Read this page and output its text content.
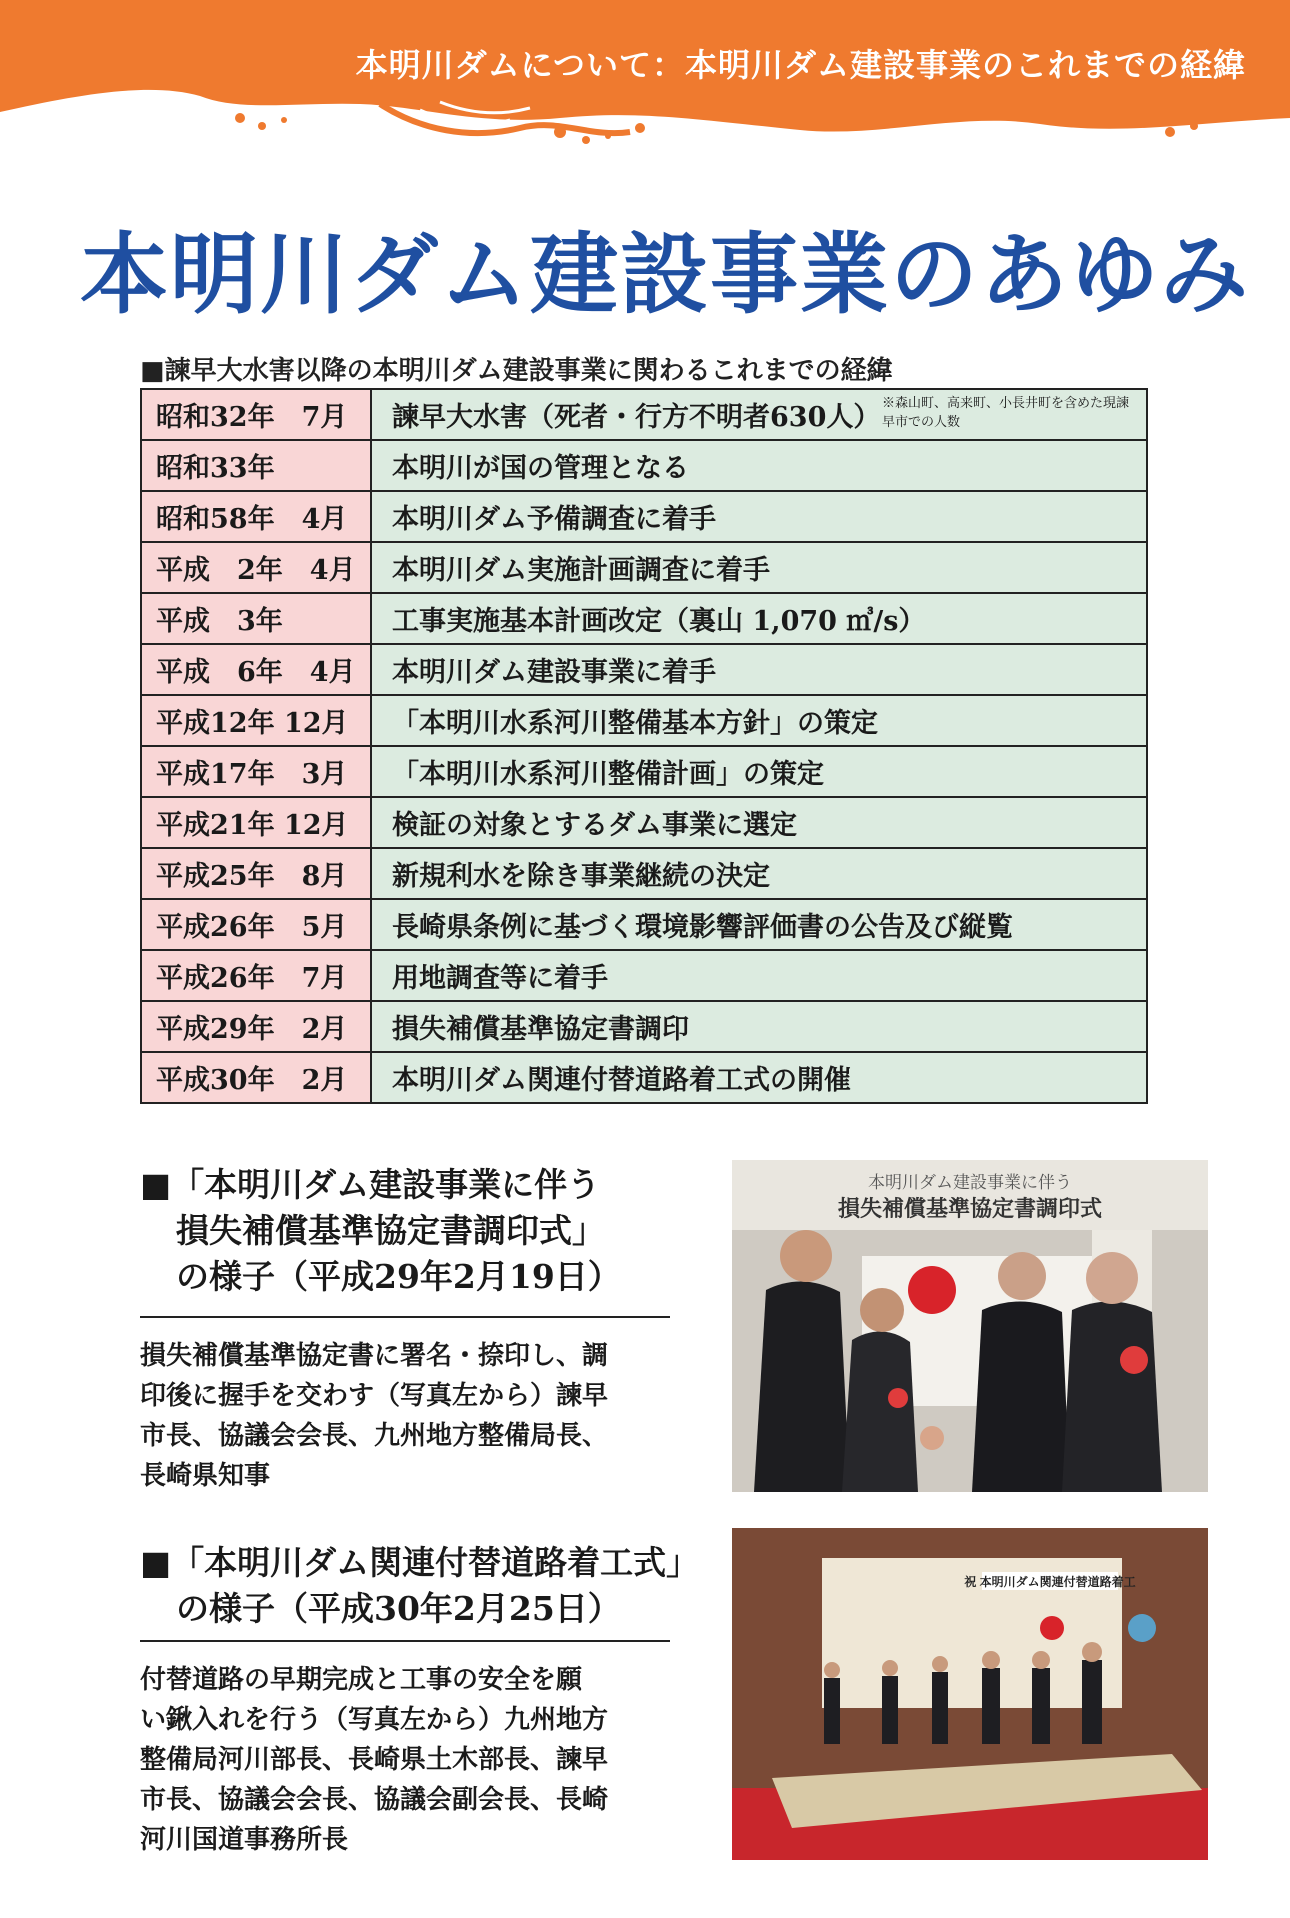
本明川ダムについて：本明川ダム建設事業のこれまでの経緯
本明川ダム建設事業のあゆみ
■諫早大水害以降の本明川ダム建設事業に関わるこれまでの経緯
昭和32年　7月	諫早大水害（死者・行方不明者630人） ※森山町、高来町、小長井町を含めた現諫早市での人数

昭和33年	本明川が国の管理となる
昭和58年　4月	本明川ダム予備調査に着手
平成　2年　4月	本明川ダム実施計画調査に着手
平成　3年	工事実施基本計画改定（裏山 1,070 ㎥/s）
平成　6年　4月	本明川ダム建設事業に着手
平成12年 12月	「本明川水系河川整備基本方針」の策定
平成17年　3月	「本明川水系河川整備計画」の策定
平成21年 12月	検証の対象とするダム事業に選定
平成25年　8月	新規利水を除き事業継続の決定
平成26年　5月	長崎県条例に基づく環境影響評価書の公告及び縦覧
平成26年　7月	用地調査等に着手
平成29年　2月	損失補償基準協定書調印
平成30年　2月	本明川ダム関連付替道路着工式の開催
■「本明川ダム建設事業に伴う
損失補償基準協定書調印式」
の様子（平成29年2月19日）
損失補償基準協定書に署名・捺印し、調
印後に握手を交わす（写真左から）諫早
市長、協議会会長、九州地方整備局長、
長崎県知事
本明川ダム建設事業に伴う
損失補償基準協定書調印式
■「本明川ダム関連付替道路着工式」
の様子（平成30年2月25日）
付替道路の早期完成と工事の安全を願
い鍬入れを行う（写真左から）九州地方
整備局河川部長、長崎県土木部長、諫早
市長、協議会会長、協議会副会長、長崎
河川国道事務所長
祝 本明川ダム関連付替道路着工
